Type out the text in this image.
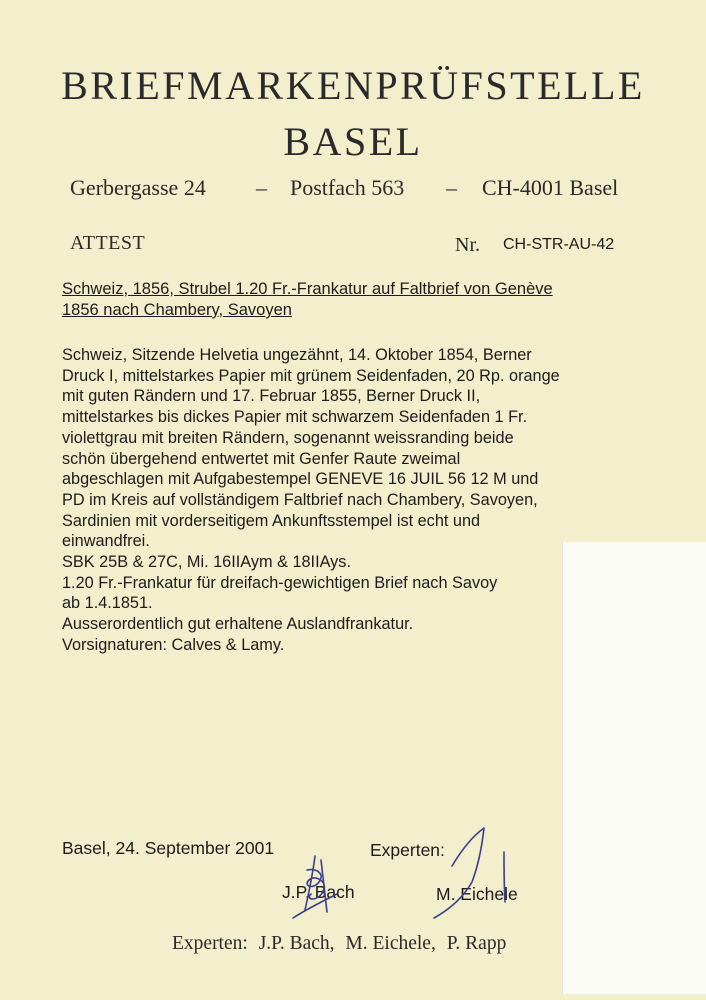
BRIEFMARKENPRÜFSTELLE
BASEL
Gerbergasse 24 – Postfach 563 – CH-4001 Basel
ATTEST	Nr. CH-STR-AU-42
Schweiz, 1856, Strubel 1.20 Fr.-Frankatur auf Faltbrief von Genève
1856 nach Chambery, Savoyen
Schweiz, Sitzende Helvetia ungezähnt, 14. Oktober 1854, Berner
Druck I, mittelstarkes Papier mit grünem Seidenfaden, 20 Rp. orange
mit guten Rändern und 17. Februar 1855, Berner Druck II,
mittelstarkes bis dickes Papier mit schwarzem Seidenfaden 1 Fr.
violettgrau mit breiten Rändern, sogenannt weissranding beide
schön übergehend entwertet mit Genfer Raute zweimal
abgeschlagen mit Aufgabestempel GENEVE 16 JUIL 56 12 M und
PD im Kreis auf vollständigem Faltbrief nach Chambery, Savoyen,
Sardinien mit vorderseitigem Ankunftsstempel ist echt und
einwandfrei.
SBK 25B & 27C, Mi. 16IIAym & 18IIAys.
1.20 Fr.-Frankatur für dreifach-gewichtigen Brief nach Savoy
ab 1.4.1851.
Ausserordentlich gut erhaltene Auslandfrankatur.
Vorsignaturen: Calves & Lamy.
Basel, 24. September 2001	Experten:
J.P. Bach	M. Eichele
Experten: J.P. Bach, M. Eichele, P. Rapp
